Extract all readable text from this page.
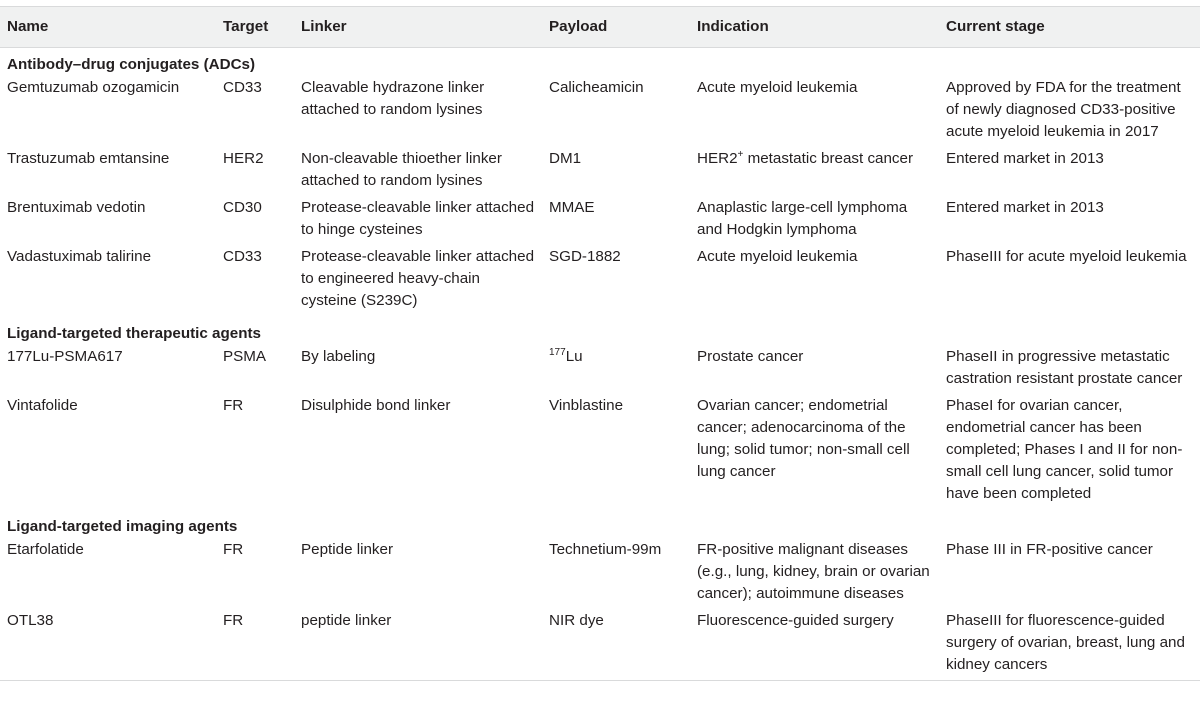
Name	Target	Linker	Payload	Indication	Current stage
Antibody–drug conjugates (ADCs)					
Gemtuzumab ozogamicin	CD33	Cleavable hydrazone linker attached to random lysines	Calicheamicin	Acute myeloid leukemia	Approved by FDA for the treatment of newly diagnosed CD33-positive acute myeloid leukemia in 2017
Trastuzumab emtansine	HER2	Non-cleavable thioether linker attached to random lysines	DM1	HER2+ metastatic breast cancer	Entered market in 2013
Brentuximab vedotin	CD30	Protease-cleavable linker attached to hinge cysteines	MMAE	Anaplastic large-cell lymphoma and Hodgkin lymphoma	Entered market in 2013
Vadastuximab talirine	CD33	Protease-cleavable linker attached to engineered heavy-chain cysteine (S239C)	SGD-1882	Acute myeloid leukemia	PhaseIII for acute myeloid leukemia
Ligand-targeted therapeutic agents					
177Lu-PSMA617	PSMA	By labeling	$^{177}$Lu	Prostate cancer	PhaseII in progressive metastatic castration resistant prostate cancer
Vintafolide	FR	Disulphide bond linker	Vinblastine	Ovarian cancer; endometrial cancer; adenocarcinoma of the lung; solid tumor; non-small cell lung cancer	PhaseI for ovarian cancer, endometrial cancer has been completed; Phases I and II for non-small cell lung cancer, solid tumor have been completed
Ligand-targeted imaging agents					
Etarfolatide	FR	Peptide linker	Technetium-99m	FR-positive malignant diseases (e.g., lung, kidney, brain or ovarian cancer); autoimmune diseases	Phase III in FR-positive cancer
OTL38	FR	peptide linker	NIR dye	Fluorescence-guided surgery	PhaseIII for fluorescence-guided surgery of ovarian, breast, lung and kidney cancers
